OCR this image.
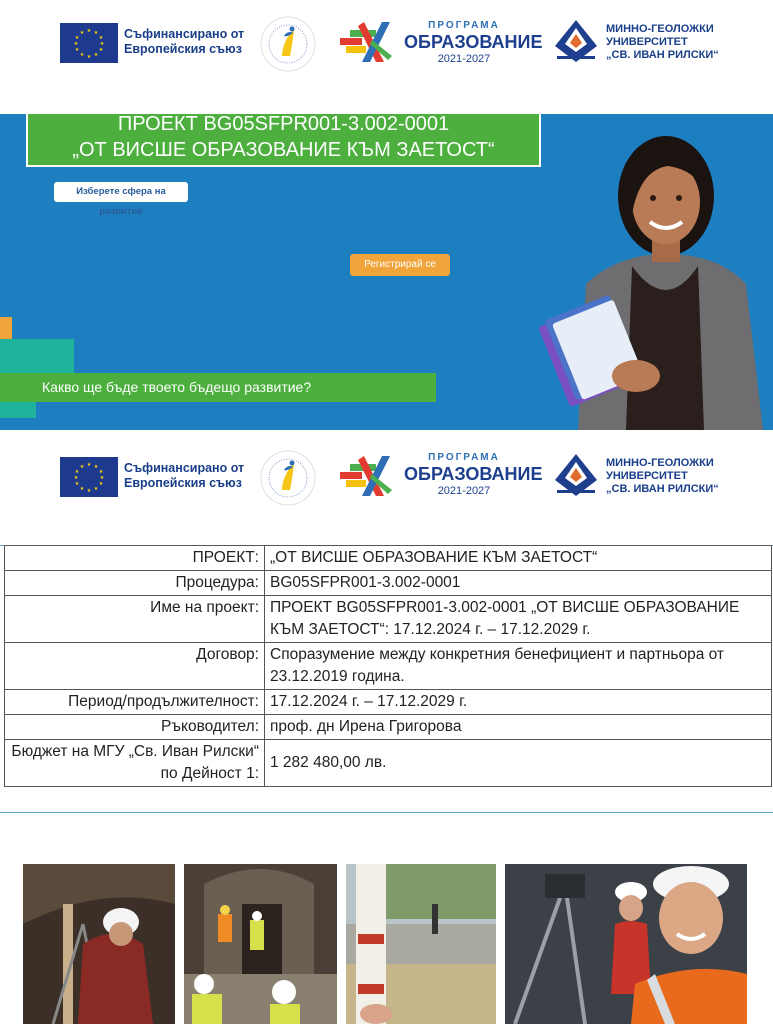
★ ★
★
★
★
★
★
★
★
★
★
★	Съфинансирано от
Европейския съюз
ПРОГРАМА
ОБРАЗОВАНИЕ
2021-2027
МИННО-ГЕОЛОЖКИ
УНИВЕРСИТЕТ
„СВ. ИВАН РИЛСКИ“
ПРОЕКТ BG05SFPR001-3.002-0001
„ОТ ВИСШЕ ОБРАЗОВАНИЕ КЪМ ЗАЕТОСТ“
Изберете сфера на развитие
Регистрирай се
Какво ще бъде твоето бъдещо развитие?
★ ★
★
★
★
★
★
★
★
★
★
★	Съфинансирано от
Европейския съюз
ПРОГРАМА
ОБРАЗОВАНИЕ
2021-2027
МИННО-ГЕОЛОЖКИ
УНИВЕРСИТЕТ
„СВ. ИВАН РИЛСКИ“
ПРОЕКТ:	„ОТ ВИСШЕ ОБРАЗОВАНИЕ КЪМ ЗАЕТОСТ“
Процедура:	BG05SFPR001-3.002-0001
Име на проект:	ПРОЕКТ BG05SFPR001-3.002-0001 „ОТ ВИСШЕ ОБРАЗОВАНИЕ КЪМ ЗАЕТОСТ“: 17.12.2024 г. – 17.12.2029 г.
Договор:	Споразумение между конкретния бенефициент и партньора от 23.12.2019 година.
Период/продължителност:	17.12.2024 г. – 17.12.2029 г.
Ръководител:	проф. дн Ирена Григорова
Бюджет на МГУ „Св. Иван Рилски“ по Дейност 1:	1 282 480,00 лв.
